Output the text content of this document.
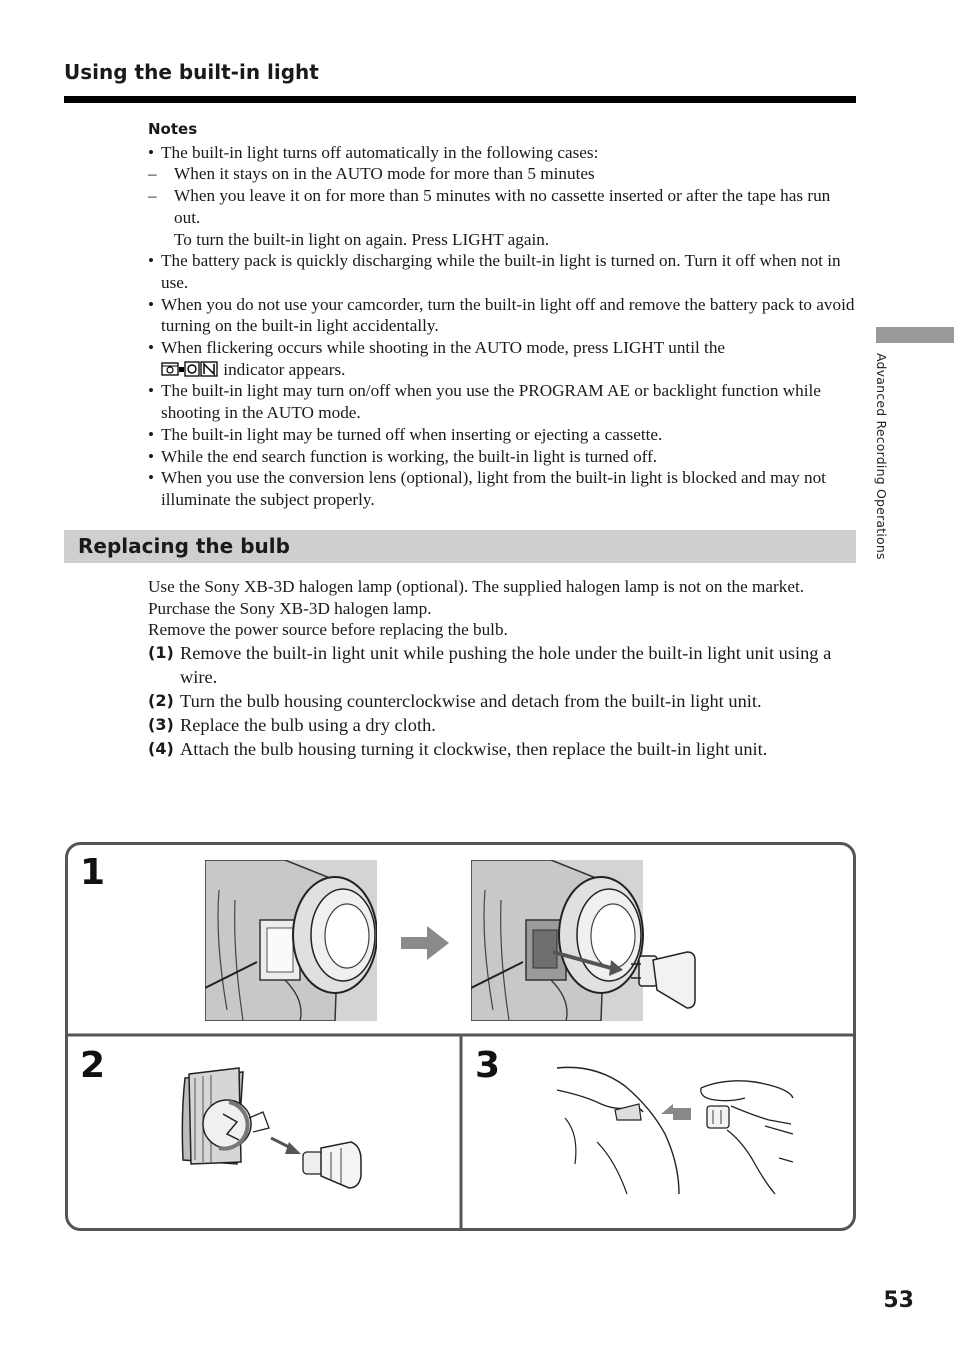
Using the built-in light
Notes
• The built-in light turns off automatically in the following cases:
– When it stays on in the AUTO mode for more than 5 minutes
– When you leave it on for more than 5 minutes with no cassette inserted or after the tape has run out.
To turn the built-in light on again. Press LIGHT again.
• The battery pack is quickly discharging while the built-in light is turned on. Turn it off when not in use.
• When you do not use your camcorder, turn the built-in light off and remove the battery pack to avoid turning on the built-in light accidentally.
• When flickering occurs while shooting in the AUTO mode, press LIGHT until the
indicator appears.
• The built-in light may turn on/off when you use the PROGRAM AE or backlight function while shooting in the AUTO mode.
• The built-in light may be turned off when inserting or ejecting a cassette.
• While the end search function is working, the built-in light is turned off.
• When you use the conversion lens (optional), light from the built-in light is blocked and may not illuminate the subject properly.
Replacing the bulb
Use the Sony XB-3D halogen lamp (optional). The supplied halogen lamp is not on the market. Purchase the Sony XB-3D halogen lamp.
Remove the power source before replacing the bulb.
(1) Remove the built-in light unit while pushing the hole under the built-in light unit using a wire.
(2) Turn the bulb housing counterclockwise and detach from the built-in light unit.
(3) Replace the bulb using a dry cloth.
(4) Attach the bulb housing turning it clockwise, then replace the built-in light unit.
Advanced Recording Operations
1
2	3
53
